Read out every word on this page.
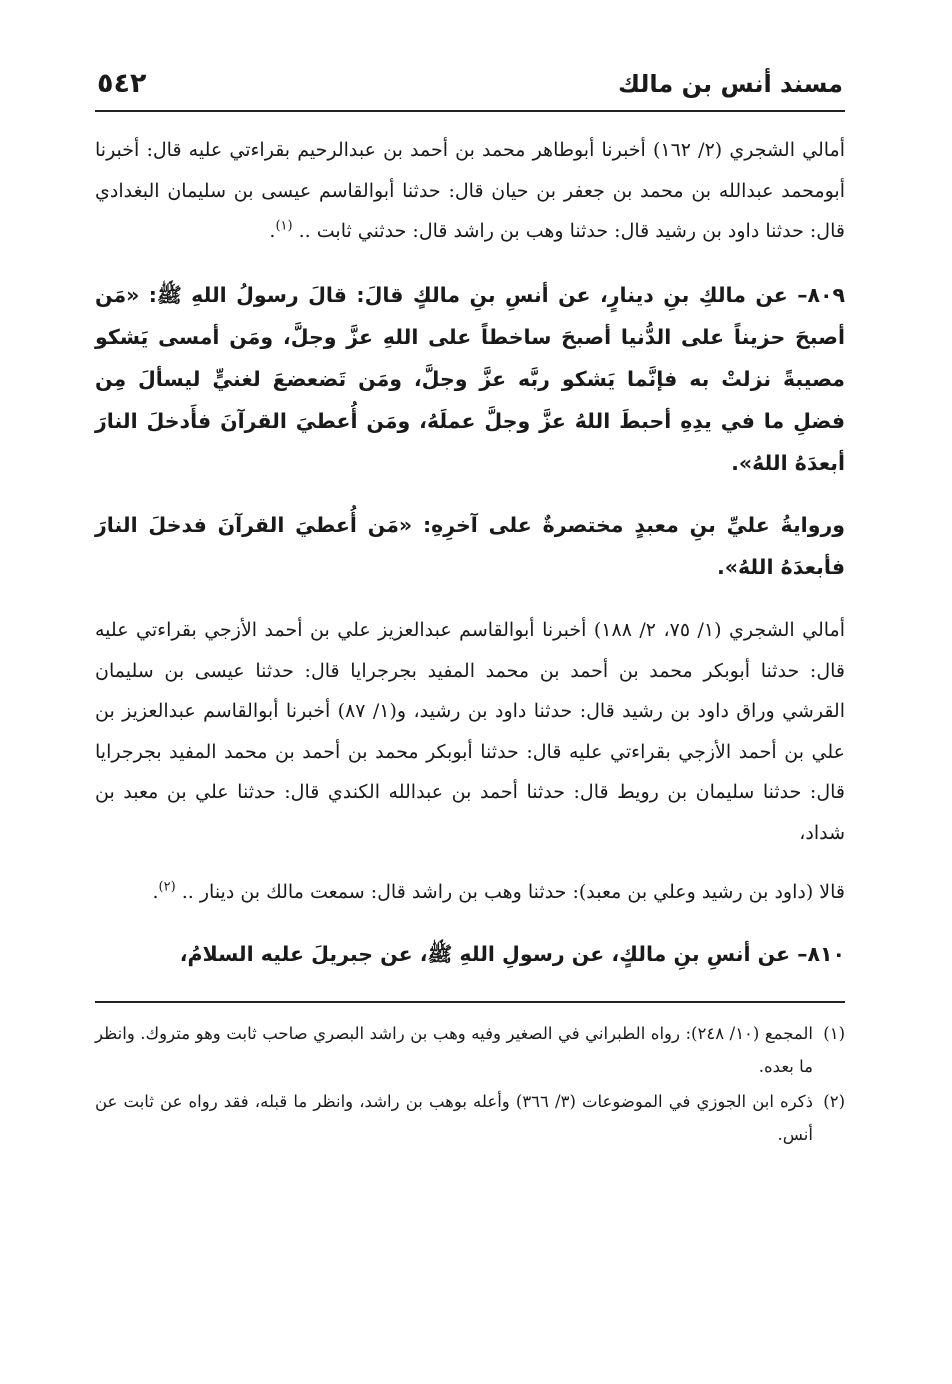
مسند أنس بن مالك
٥٤٢

أمالي الشجري (٢/ ١٦٢) أخبرنا أبوطاهر محمد بن أحمد بن عبدالرحيم بقراءتي عليه قال: أخبرنا أبومحمد عبدالله بن محمد بن جعفر بن حيان قال: حدثنا أبوالقاسم عيسى بن سليمان البغدادي قال: حدثنا داود بن رشيد قال: حدثنا وهب بن راشد قال: حدثني ثابت .. $^{(١)}$.

٨٠٩– عن مالكِ بنِ دينارٍ، عن أنسِ بنِ مالكٍ قالَ: قالَ رسولُ اللهِ ﷺ: «مَن أصبحَ حزيناً على الدُّنيا أصبحَ ساخطاً على اللهِ عزَّ وجلَّ، ومَن أمسى يَشكو مصيبةً نزلتْ به فإنَّما يَشكو ربَّه عزَّ وجلَّ، ومَن تَضعضعَ لغنيٍّ ليسألَ مِن فضلِ ما في يدِهِ أحبطَ اللهُ عزَّ وجلَّ عملَهُ، ومَن أُعطيَ القرآنَ فأَدخلَ النارَ أبعدَهُ اللهُ».

وروايةُ عليِّ بنِ معبدٍ مختصرةٌ على آخرِهِ: «مَن أُعطيَ القرآنَ فدخلَ النارَ فأبعدَهُ اللهُ».

أمالي الشجري (١/ ٧٥، ٢/ ١٨٨) أخبرنا أبوالقاسم عبدالعزيز علي بن أحمد الأزجي بقراءتي عليه قال: حدثنا أبوبكر محمد بن أحمد بن محمد المفيد بجرجرايا قال: حدثنا عيسى بن سليمان القرشي وراق داود بن رشيد قال: حدثنا داود بن رشيد، و(١/ ٨٧) أخبرنا أبوالقاسم عبدالعزيز بن علي بن أحمد الأزجي بقراءتي عليه قال: حدثنا أبوبكر محمد بن أحمد بن محمد المفيد بجرجرايا قال: حدثنا سليمان بن رويط قال: حدثنا أحمد بن عبدالله الكندي قال: حدثنا علي بن معبد بن شداد،

قالا (داود بن رشيد وعلي بن معبد): حدثنا وهب بن راشد قال: سمعت مالك بن دينار .. $^{(٢)}$.

٨١٠– عن أنسِ بنِ مالكٍ، عن رسولِ اللهِ ﷺ، عن جبريلَ عليه السلامُ،

(١)المجمع (١٠/ ٢٤٨): رواه الطبراني في الصغير وفيه وهب بن راشد البصري صاحب ثابت وهو متروك. وانظر ما بعده.

(٢)ذكره ابن الجوزي في الموضوعات (٣/ ٣٦٦) وأعله بوهب بن راشد، وانظر ما قبله، فقد رواه عن ثابت عن أنس.
